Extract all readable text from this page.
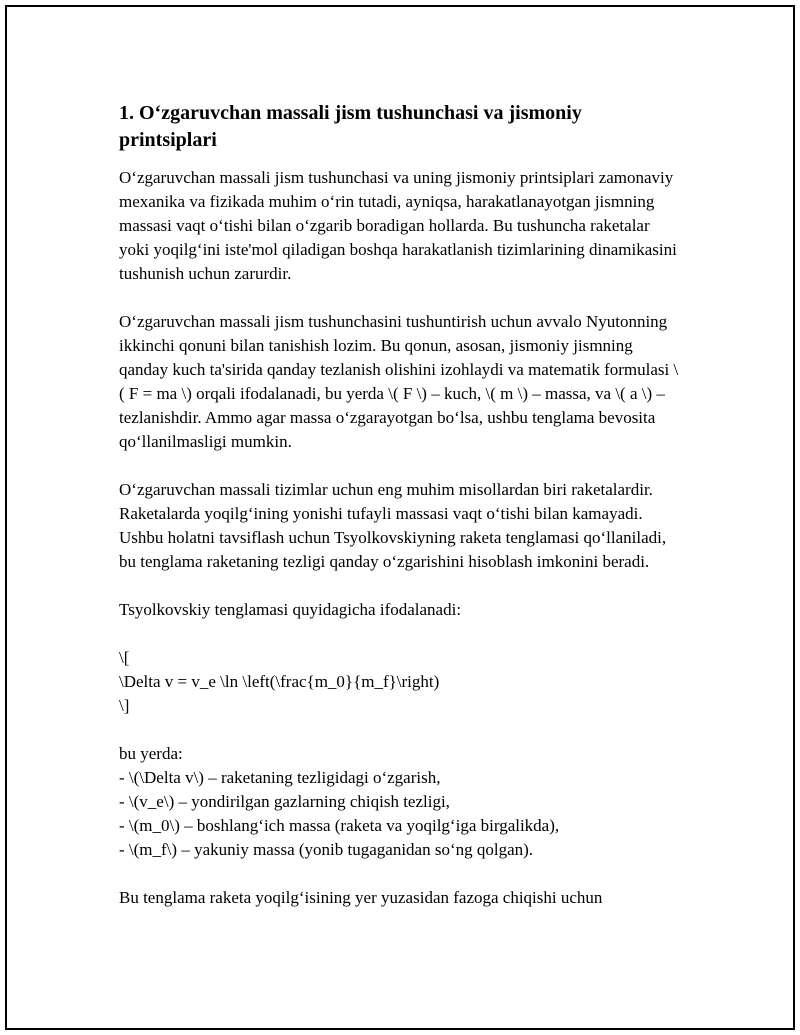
1. O‘zgaruvchan massali jism tushunchasi va jismoniy printsiplari

O‘zgaruvchan massali jism tushunchasi va uning jismoniy printsiplari zamonaviy mexanika va fizikada muhim o‘rin tutadi, ayniqsa, harakatlanayotgan jismning massasi vaqt o‘tishi bilan o‘zgarib boradigan hollarda. Bu tushuncha raketalar yoki yoqilg‘ini iste'mol qiladigan boshqa harakatlanish tizimlarining dinamikasini tushunish uchun zarurdir.

O‘zgaruvchan massali jism tushunchasini tushuntirish uchun avvalo Nyutonning ikkinchi qonuni bilan tanishish lozim. Bu qonun, asosan, jismoniy jismning qanday kuch ta'sirida qanday tezlanish olishini izohlaydi va matematik formulasi \( F = ma \) orqali ifodalanadi, bu yerda \( F \) – kuch, \( m \) – massa, va \( a \) – tezlanishdir. Ammo agar massa o‘zgarayotgan bo‘lsa, ushbu tenglama bevosita qo‘llanilmasligi mumkin.

O‘zgaruvchan massali tizimlar uchun eng muhim misollardan biri raketalardir. Raketalarda yoqilg‘ining yonishi tufayli massasi vaqt o‘tishi bilan kamayadi. Ushbu holatni tavsiflash uchun Tsyolkovskiyning raketa tenglamasi qo‘llaniladi, bu tenglama raketaning tezligi qanday o‘zgarishini hisoblash imkonini beradi.

Tsyolkovskiy tenglamasi quyidagicha ifodalanadi:

\[
\Delta v = v_e \ln \left(\frac{m_0}{m_f}\right)
\]
bu yerda:
- \(\Delta v\) – raketaning tezligidagi o‘zgarish,
- \(v_e\) – yondirilgan gazlarning chiqish tezligi,
- \(m_0\) – boshlang‘ich massa (raketa va yoqilg‘iga birgalikda),
- \(m_f\) – yakuniy massa (yonib tugaganidan so‘ng qolgan).

Bu tenglama raketa yoqilg‘isining yer yuzasidan fazoga chiqishi uchun
